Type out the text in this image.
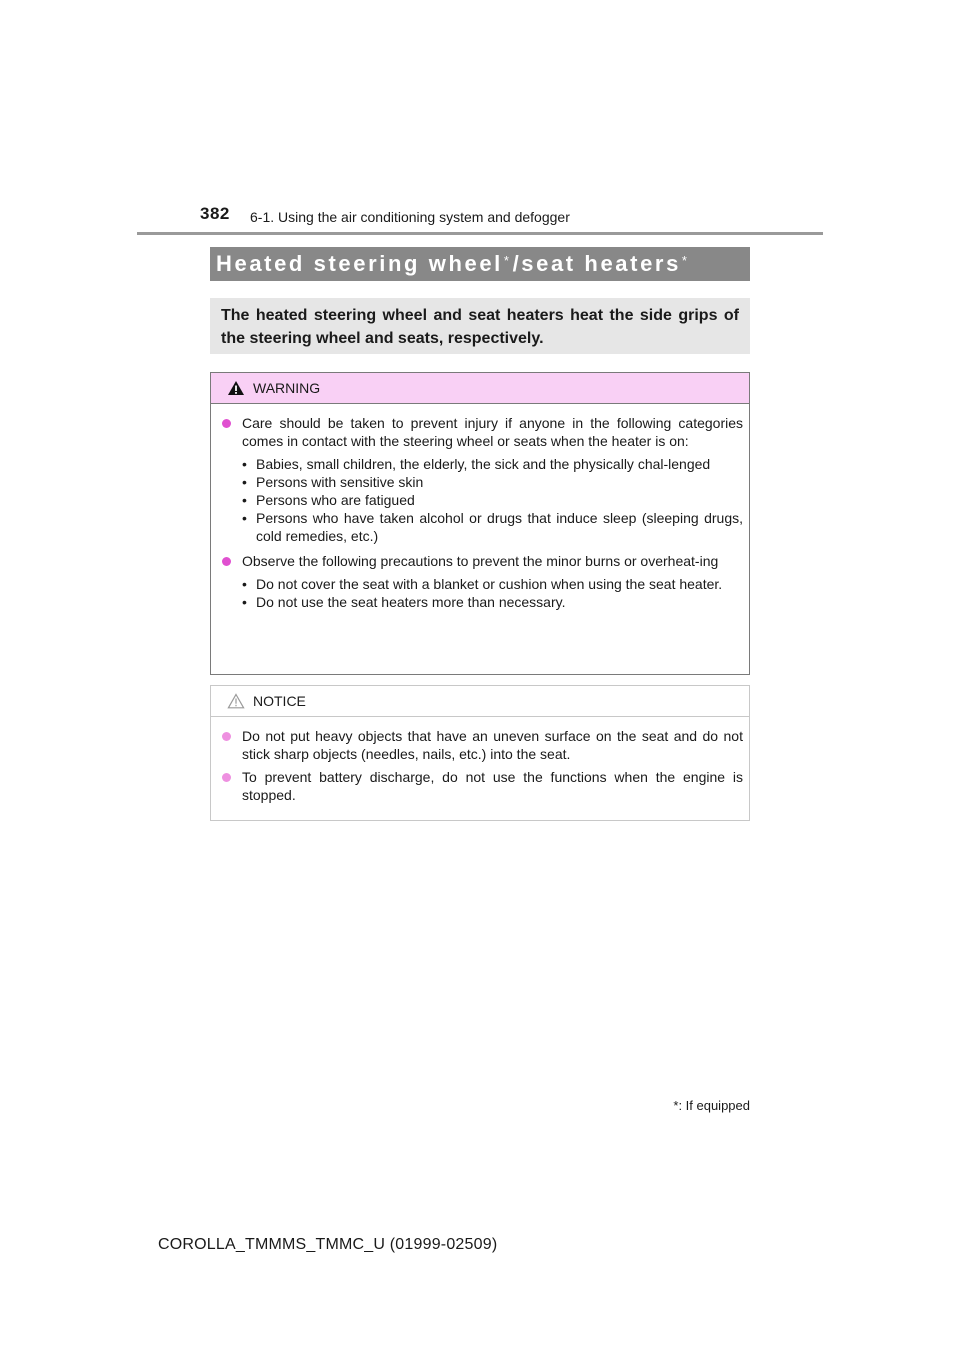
382 6-1. Using the air conditioning system and defogger
Heated steering wheel* /seat heaters*
The heated steering wheel and seat heaters heat the side grips of the steering wheel and seats, respectively.
WARNING
Care should be taken to prevent injury if anyone in the following categories comes in contact with the steering wheel or seats when the heater is on:
• Babies, small children, the elderly, the sick and the physically chal-lenged
• Persons with sensitive skin
• Persons who are fatigued
• Persons who have taken alcohol or drugs that induce sleep (sleeping drugs, cold remedies, etc.)
Observe the following precautions to prevent the minor burns or overheat-ing
• Do not cover the seat with a blanket or cushion when using the seat heater.
• Do not use the seat heaters more than necessary.
NOTICE
Do not put heavy objects that have an uneven surface on the seat and do not stick sharp objects (needles, nails, etc.) into the seat.
To prevent battery discharge, do not use the functions when the engine is stopped.
*: If equipped
COROLLA_TMMMS_TMMC_U (01999-02509)
